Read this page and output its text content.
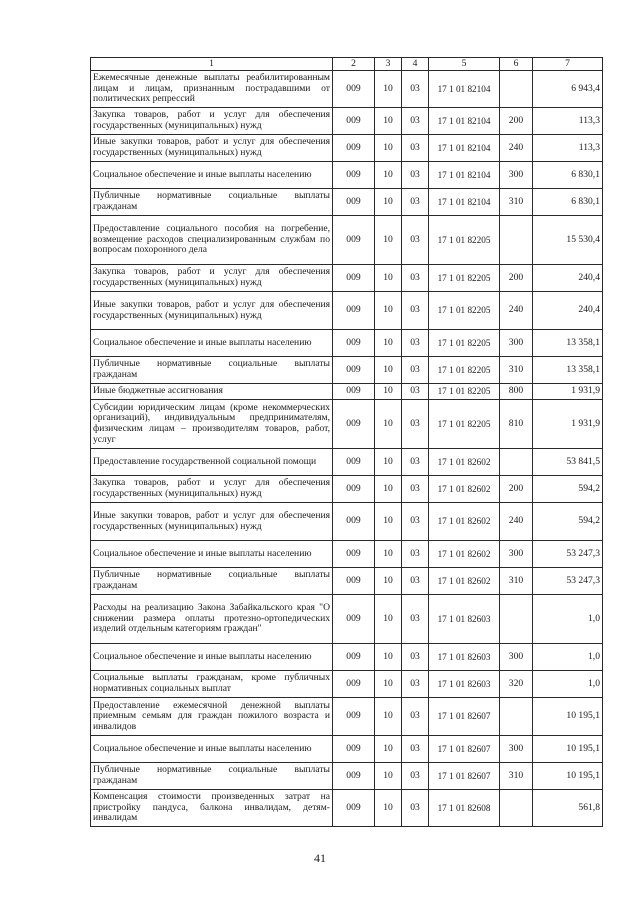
1	2	3	4	5	6	7
Ежемесячные денежные выплаты реабилитированным лицам и лицам, признанным пострадавшими от политических репрессий	009	10	03	17 1 01 82104		6 943,4
Закупка товаров, работ и услуг для обеспечения государственных (муниципальных) нужд	009	10	03	17 1 01 82104	200	113,3
Иные закупки товаров, работ и услуг для обеспечения государственных (муниципальных) нужд	009	10	03	17 1 01 82104	240	113,3
Социальное обеспечение и иные выплаты населению	009	10	03	17 1 01 82104	300	6 830,1
Публичные нормативные социальные выплаты гражданам	009	10	03	17 1 01 82104	310	6 830,1
Предоставление социального пособия на погребение, возмещение расходов специализированным службам по вопросам похоронного дела	009	10	03	17 1 01 82205		15 530,4
Закупка товаров, работ и услуг для обеспечения государственных (муниципальных) нужд	009	10	03	17 1 01 82205	200	240,4
Иные закупки товаров, работ и услуг для обеспечения государственных (муниципальных) нужд	009	10	03	17 1 01 82205	240	240,4
Социальное обеспечение и иные выплаты населению	009	10	03	17 1 01 82205	300	13 358,1
Публичные нормативные социальные выплаты гражданам	009	10	03	17 1 01 82205	310	13 358,1
Иные бюджетные ассигнования	009	10	03	17 1 01 82205	800	1 931,9
Субсидии юридическим лицам (кроме некоммерческих организаций), индивидуальным предпринимателям, физическим лицам – производителям товаров, работ, услуг	009	10	03	17 1 01 82205	810	1 931,9
Предоставление государственной социальной помощи	009	10	03	17 1 01 82602		53 841,5
Закупка товаров, работ и услуг для обеспечения государственных (муниципальных) нужд	009	10	03	17 1 01 82602	200	594,2
Иные закупки товаров, работ и услуг для обеспечения государственных (муниципальных) нужд	009	10	03	17 1 01 82602	240	594,2
Социальное обеспечение и иные выплаты населению	009	10	03	17 1 01 82602	300	53 247,3
Публичные нормативные социальные выплаты гражданам	009	10	03	17 1 01 82602	310	53 247,3
Расходы на реализацию Закона Забайкальского края "О снижении размера оплаты протезно-ортопедических изделий отдельным категориям граждан"	009	10	03	17 1 01 82603		1,0
Социальное обеспечение и иные выплаты населению	009	10	03	17 1 01 82603	300	1,0
Социальные выплаты гражданам, кроме публичных нормативных социальных выплат	009	10	03	17 1 01 82603	320	1,0
Предоставление ежемесячной денежной выплаты приемным семьям для граждан пожилого возраста и инвалидов	009	10	03	17 1 01 82607		10 195,1
Социальное обеспечение и иные выплаты населению	009	10	03	17 1 01 82607	300	10 195,1
Публичные нормативные социальные выплаты гражданам	009	10	03	17 1 01 82607	310	10 195,1
Компенсация стоимости произведенных затрат на пристройку пандуса, балкона инвалидам, детям-инвалидам	009	10	03	17 1 01 82608		561,8
41
